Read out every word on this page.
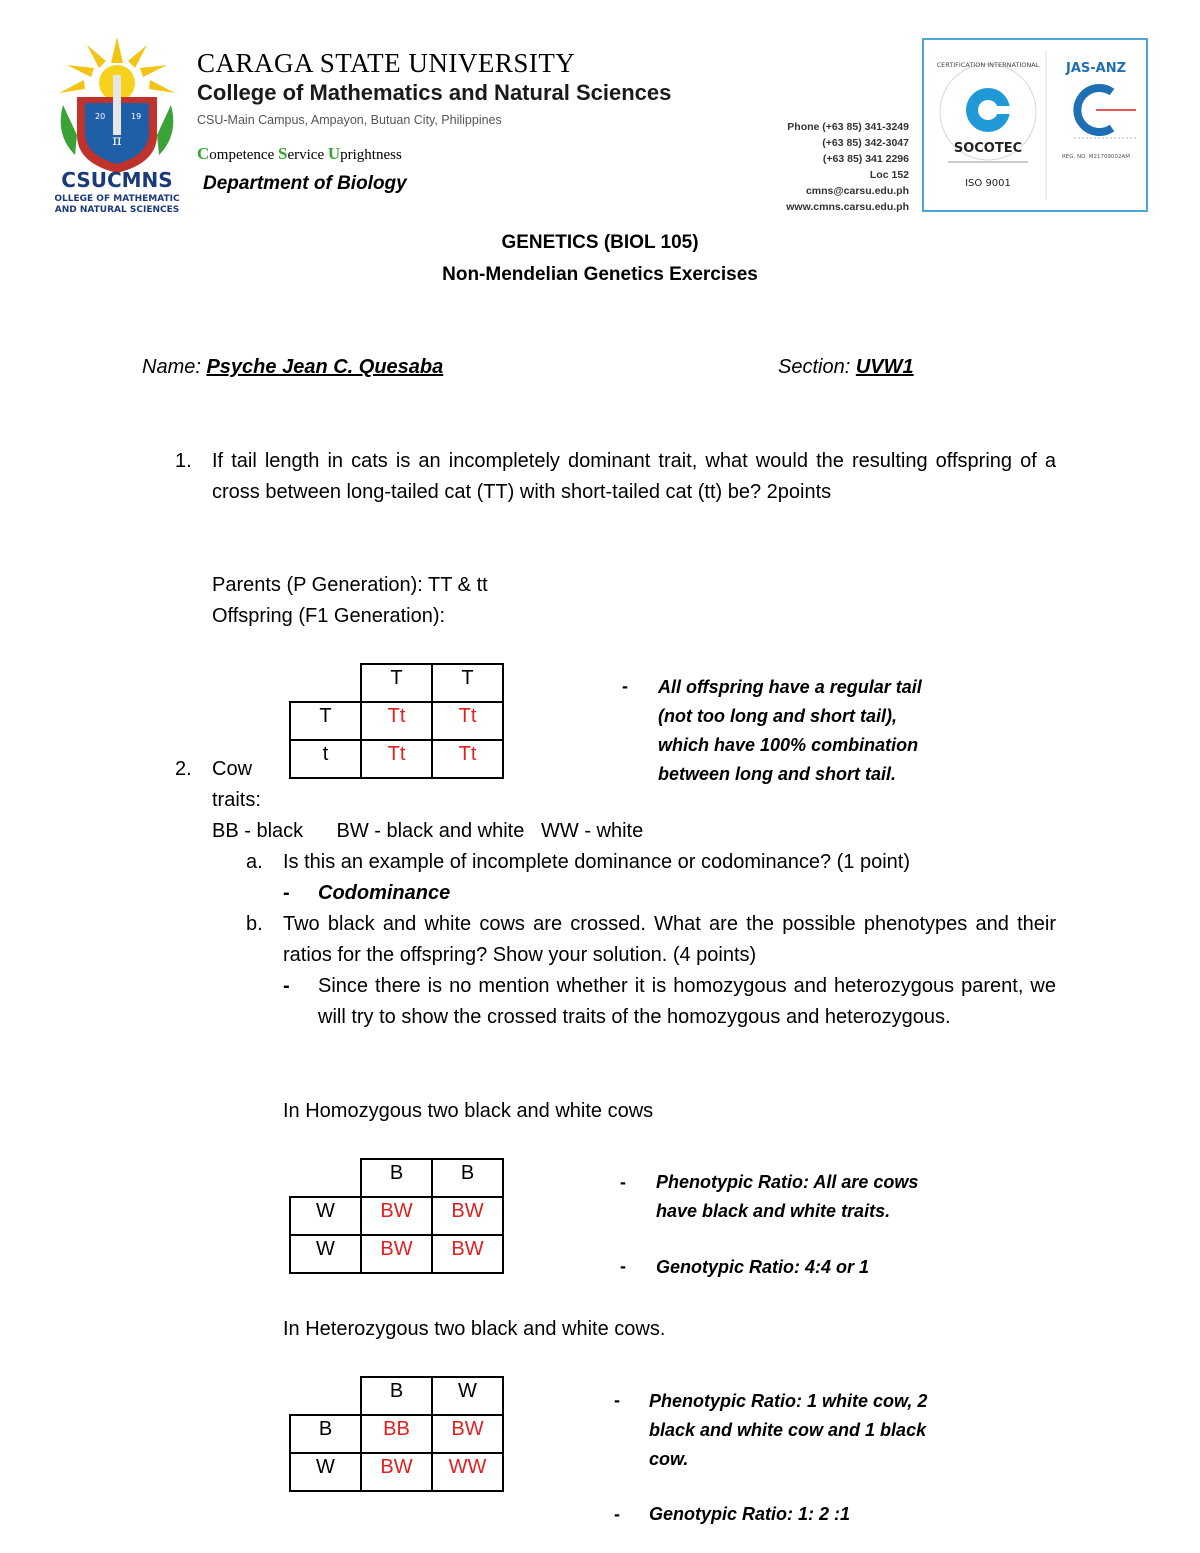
π
20	19
CSUCMNS
COLLEGE OF MATHEMATICS
AND NATURAL SCIENCES
CARAGA STATE UNIVERSITY
College of Mathematics and Natural Sciences
CSU-Main Campus, Ampayon, Butuan City, Philippines
Competence Service Uprightness
Department of Biology
Phone (+63 85) 341-3249
(+63 85) 342-3047
(+63 85) 341 2296
Loc 152
cmns@carsu.edu.ph
www.cmns.carsu.edu.ph
CERTIFICATION INTERNATIONAL
SOCOTEC
ISO 9001
JAS-ANZ
REG. NO. M21709002AM
GENETICS (BIOL 105)
Non-Mendelian Genetics Exercises
Name: Psyche Jean C. Quesaba	Section: UVW1
1. If tail length in cats is an incompletely dominant trait, what would the resulting offspring of a cross between long-tailed cat (TT) with short-tailed cat (tt) be? 2points
Parents (P Generation): TT & tt
Offspring (F1 Generation):
	T	T
T	Tt	Tt
t	Tt	Tt
- All offspring have a regular tail
(not too long and short tail),
which have 100% combination
between long and short tail.
2. Cow
traits:
BB - black      BW - black and white   WW - white
a. Is this an example of incomplete dominance or codominance? (1 point)
- Codominance
b. Two black and white cows are crossed. What are the possible phenotypes and their ratios for the offspring? Show your solution. (4 points)
- Since there is no mention whether it is homozygous and heterozygous parent, we will try to show the crossed traits of the homozygous and heterozygous.
In Homozygous two black and white cows
	B	B
W	BW	BW
W	BW	BW
- Phenotypic Ratio: All are cows
have black and white traits.
- Genotypic Ratio: 4:4 or 1
In Heterozygous two black and white cows.
	B	W
B	BB	BW
W	BW	WW
- Phenotypic Ratio: 1 white cow, 2
black and white cow and 1 black
cow.
- Genotypic Ratio: 1: 2 :1
